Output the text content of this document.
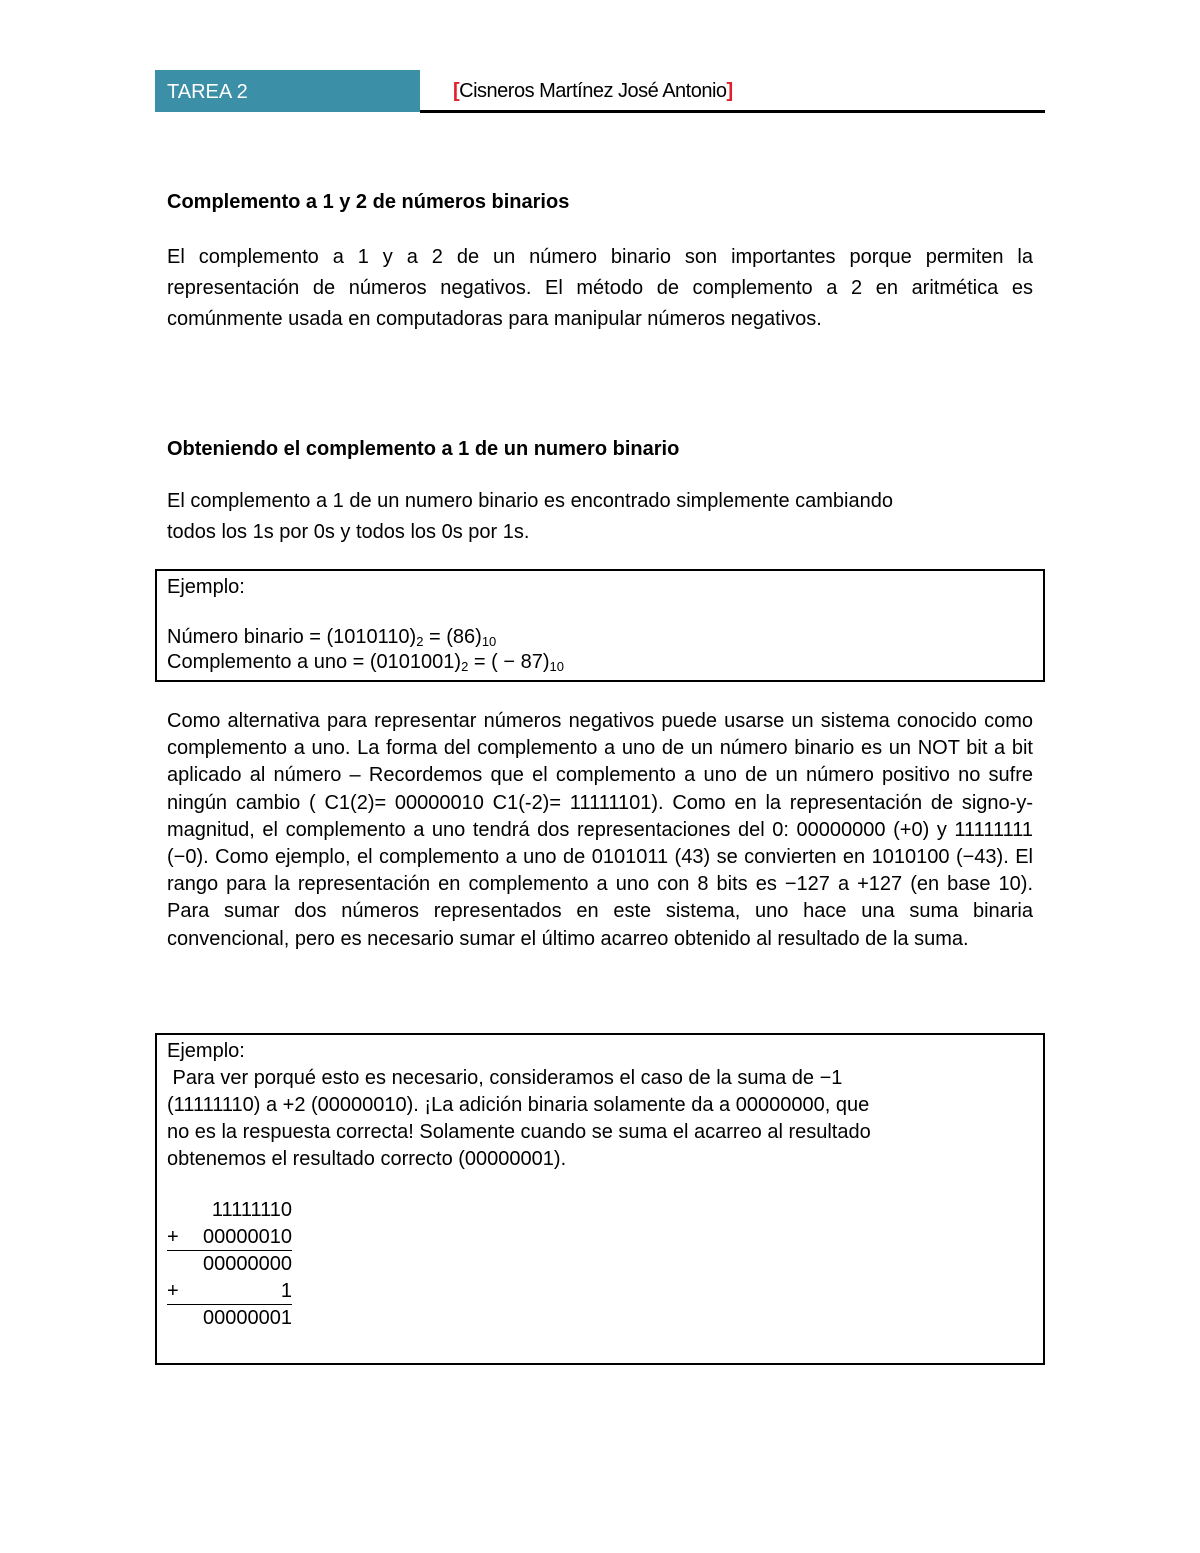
TAREA 2	[Cisneros Martínez José Antonio]
Complemento a 1 y 2 de números binarios

El complemento a 1 y a 2 de un número binario son importantes porque permiten la representación de números negativos. El método de complemento a 2 en aritmética es comúnmente usada en computadoras para manipular números negativos.

Obteniendo el complemento a 1 de un numero binario

El complemento a 1 de un numero binario es encontrado simplemente cambiando
todos los 1s por 0s y todos los 0s por 1s.

Ejemplo:
Número binario = $(1010110)_2 = (86)_{10}$
Complemento a uno = $(0101001)_2$ = ( − $87)_{10}$

Como alternativa para representar números negativos puede usarse un sistema conocido como complemento a uno. La forma del complemento a uno de un número binario es un NOT bit a bit aplicado al número – Recordemos que el complemento a uno de un número positivo no sufre ningún cambio ( C1(2)= 00000010 C1(-2)= 11111101). Como en la representación de signo-y-magnitud, el complemento a uno tendrá dos representaciones del 0: 00000000 (+0) y 11111111 (−0). Como ejemplo, el complemento a uno de 0101011 (43) se convierten en 1010100 (−43). El rango para la representación en complemento a uno con 8 bits es −127 a +127 (en base 10). Para sumar dos números representados en este sistema, uno hace una suma binaria convencional, pero es necesario sumar el último acarreo obtenido al resultado de la suma.

Ejemplo:
Para ver porqué esto es necesario, consideramos el caso de la suma de −1
(11111110) a +2 (00000010). ¡La adición binaria solamente da a 00000000, que
no es la respuesta correcta! Solamente cuando se suma el acarreo al resultado
obtenemos el resultado correcto (00000001).
11111110
+	00000010
00000000
+	1
00000001
